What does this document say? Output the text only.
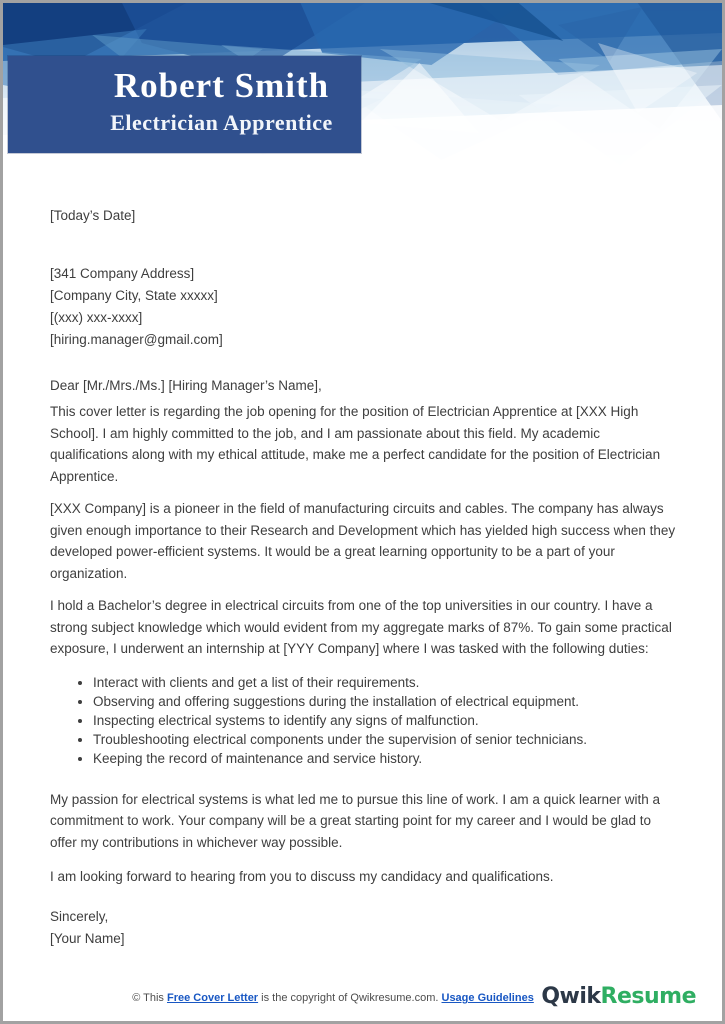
Robert Smith
Electrician Apprentice
[Today’s Date]
[341 Company Address]
[Company City, State xxxxx]
[(xxx) xxx-xxxx]
[hiring.manager@gmail.com]
Dear [Mr./Mrs./Ms.] [Hiring Manager’s Name],

This cover letter is regarding the job opening for the position of Electrician Apprentice at [XXX High School]. I am highly committed to the job, and I am passionate about this field. My academic qualifications along with my ethical attitude, make me a perfect candidate for the position of Electrician Apprentice.

[XXX Company] is a pioneer in the field of manufacturing circuits and cables. The company has always given enough importance to their Research and Development which has yielded high success when they developed power-efficient systems. It would be a great learning opportunity to be a part of your organization.

I hold a Bachelor’s degree in electrical circuits from one of the top universities in our country. I have a strong subject knowledge which would evident from my aggregate marks of 87%. To gain some practical exposure, I underwent an internship at [YYY Company] where I was tasked with the following duties:

• Interact with clients and get a list of their requirements.
• Observing and offering suggestions during the installation of electrical equipment.
• Inspecting electrical systems to identify any signs of malfunction.
• Troubleshooting electrical components under the supervision of senior technicians.
• Keeping the record of maintenance and service history.

My passion for electrical systems is what led me to pursue this line of work. I am a quick learner with a commitment to work. Your company will be a great starting point for my career and I would be glad to offer my contributions in whichever way possible.

I am looking forward to hearing from you to discuss my candidacy and qualifications.

Sincerely,
[Your Name]
© This Free Cover Letter is the copyright of Qwikresume.com. Usage Guidelines QwikResume
